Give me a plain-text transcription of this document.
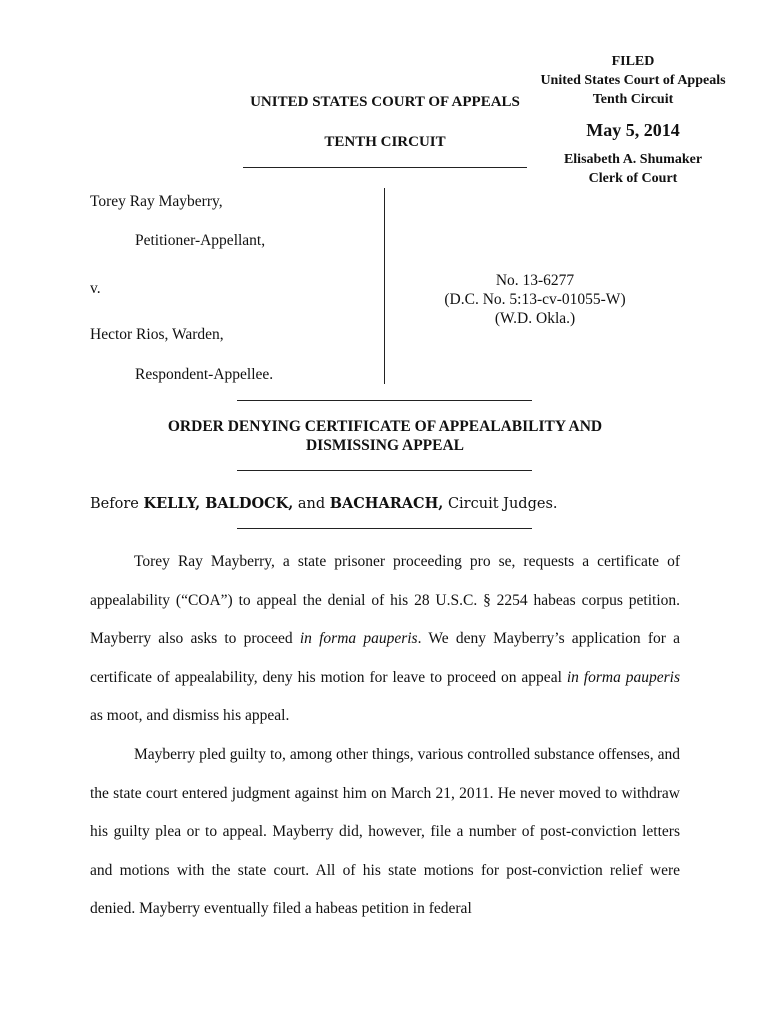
FILED
United States Court of Appeals
Tenth Circuit
May 5, 2014
Elisabeth A. Shumaker
Clerk of Court
UNITED STATES COURT OF APPEALS
TENTH CIRCUIT
Torey Ray Mayberry,
Petitioner-Appellant,
v.
Hector Rios, Warden,
Respondent-Appellee.
No. 13-6277
(D.C. No. 5:13-cv-01055-W)
(W.D. Okla.)
ORDER DENYING CERTIFICATE OF APPEALABILITY AND
DISMISSING APPEAL
Before KELLY, BALDOCK, and BACHARACH, Circuit Judges.

Torey Ray Mayberry, a state prisoner proceeding pro se, requests a certificate of appealability (“COA”) to appeal the denial of his 28 U.S.C. § 2254 habeas corpus petition. Mayberry also asks to proceed in forma pauperis. We deny Mayberry’s application for a certificate of appealability, deny his motion for leave to proceed on appeal in forma pauperis as moot, and dismiss his appeal.

Mayberry pled guilty to, among other things, various controlled substance offenses, and the state court entered judgment against him on March 21, 2011. He never moved to withdraw his guilty plea or to appeal. Mayberry did, however, file a number of post-conviction letters and motions with the state court. All of his state motions for post-conviction relief were denied. Mayberry eventually filed a habeas petition in federal
